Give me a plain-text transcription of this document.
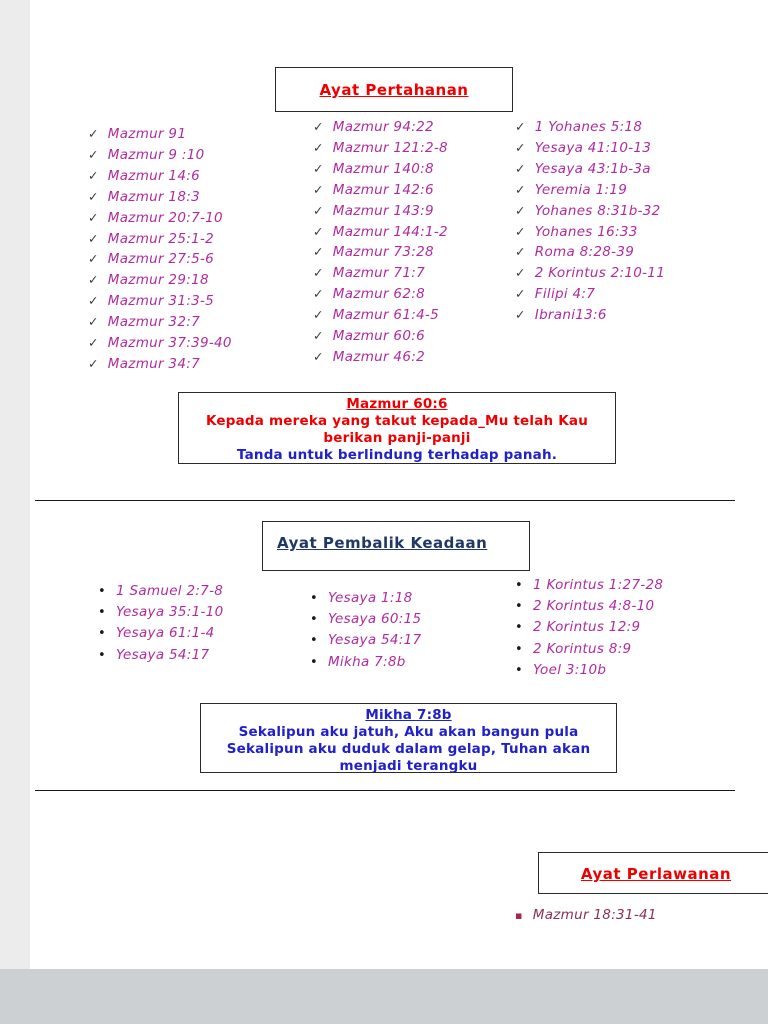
Ayat Pertahanan
✓ Mazmur 91
✓ Mazmur 9 :10
✓ Mazmur 14:6
✓ Mazmur 18:3
✓ Mazmur 20:7-10
✓ Mazmur 25:1-2
✓ Mazmur 27:5-6
✓ Mazmur 29:18
✓ Mazmur 31:3-5
✓ Mazmur 32:7
✓ Mazmur 37:39-40
✓ Mazmur 34:7
✓ Mazmur 94:22
✓ Mazmur 121:2-8
✓ Mazmur 140:8
✓ Mazmur 142:6
✓ Mazmur 143:9
✓ Mazmur 144:1-2
✓ Mazmur 73:28
✓ Mazmur 71:7
✓ Mazmur 62:8
✓ Mazmur 61:4-5
✓ Mazmur 60:6
✓ Mazmur 46:2
✓ 1 Yohanes 5:18
✓ Yesaya 41:10-13
✓ Yesaya 43:1b-3a
✓ Yeremia 1:19
✓ Yohanes 8:31b-32
✓ Yohanes 16:33
✓ Roma 8:28-39
✓ 2 Korintus 2:10-11
✓ Filipi 4:7
✓ Ibrani13:6
Mazmur 60:6
Kepada mereka yang takut kepada_Mu telah Kau
berikan panji-panji
Tanda untuk berlindung terhadap panah.
Ayat Pembalik Keadaan
• 1 Samuel 2:7-8
• Yesaya 35:1-10
• Yesaya 61:1-4
• Yesaya 54:17
• Yesaya 1:18
• Yesaya 60:15
• Yesaya 54:17
• Mikha 7:8b
• 1 Korintus 1:27-28
• 2 Korintus 4:8-10
• 2 Korintus 12:9
• 2 Korintus 8:9
• Yoel 3:10b
Mikha 7:8b
Sekalipun aku jatuh, Aku akan bangun pula
Sekalipun aku duduk dalam gelap, Tuhan akan
menjadi terangku
Ayat Perlawanan
▪ Mazmur 18:31-41
